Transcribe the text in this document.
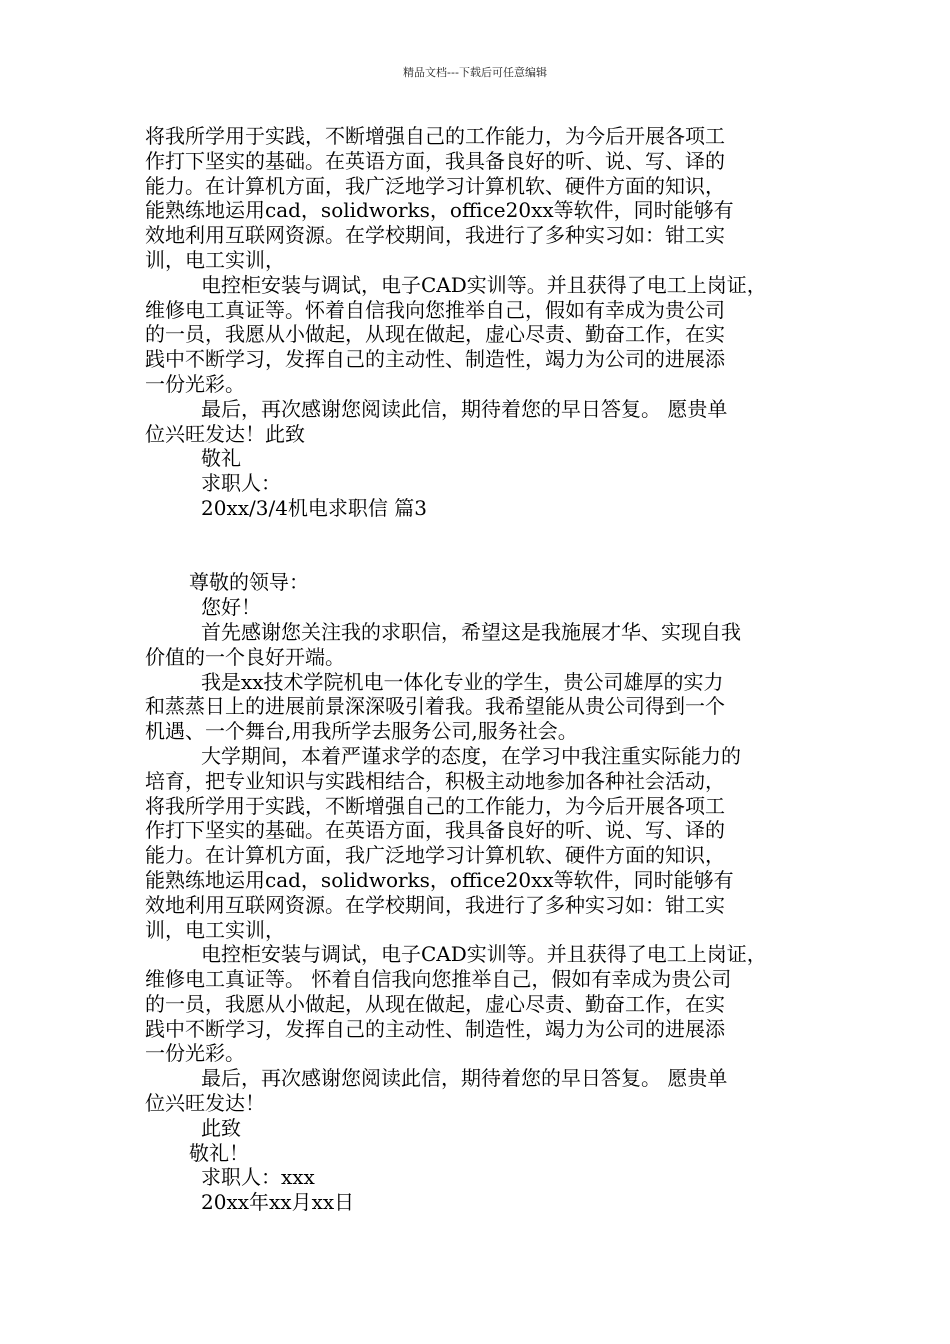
精品文档---下载后可任意编辑
将我所学用于实践，不断增强自己的工作能力，为今后开展各项工
作打下坚实的基础。在英语方面，我具备良好的听、说、写、译的
能力。在计算机方面，我广泛地学习计算机软、硬件方面的知识，
能熟练地运用cad，solidworks，office20xx等软件，同时能够有
效地利用互联网资源。在学校期间，我进行了多种实习如：钳工实
训，电工实训，
电控柜安装与调试，电子CAD实训等。并且获得了电工上岗证，
维修电工真证等。怀着自信我向您推举自己，假如有幸成为贵公司
的一员，我愿从小做起，从现在做起，虚心尽责、勤奋工作，在实
践中不断学习，发挥自己的主动性、制造性，竭力为公司的进展添
一份光彩。
最后，再次感谢您阅读此信，期待着您的早日答复。 愿贵单
位兴旺发达！此致
敬礼
求职人：
20xx/3/4机电求职信 篇3
尊敬的领导：
您好！
首先感谢您关注我的求职信，希望这是我施展才华、实现自我
价值的一个良好开端。
我是xx技术学院机电一体化专业的学生，贵公司雄厚的实力
和蒸蒸日上的进展前景深深吸引着我。我希望能从贵公司得到一个
机遇、一个舞台,用我所学去服务公司,服务社会。
大学期间，本着严谨求学的态度，在学习中我注重实际能力的
培育，把专业知识与实践相结合，积极主动地参加各种社会活动，
将我所学用于实践，不断增强自己的工作能力，为今后开展各项工
作打下坚实的基础。在英语方面，我具备良好的听、说、写、译的
能力。在计算机方面，我广泛地学习计算机软、硬件方面的知识，
能熟练地运用cad，solidworks，office20xx等软件，同时能够有
效地利用互联网资源。在学校期间，我进行了多种实习如：钳工实
训，电工实训，
电控柜安装与调试，电子CAD实训等。并且获得了电工上岗证，
维修电工真证等。 怀着自信我向您推举自己，假如有幸成为贵公司
的一员，我愿从小做起，从现在做起，虚心尽责、勤奋工作，在实
践中不断学习，发挥自己的主动性、制造性，竭力为公司的进展添
一份光彩。
最后，再次感谢您阅读此信，期待着您的早日答复。 愿贵单
位兴旺发达！
此致
敬礼！
求职人：xxx
20xx年xx月xx日
